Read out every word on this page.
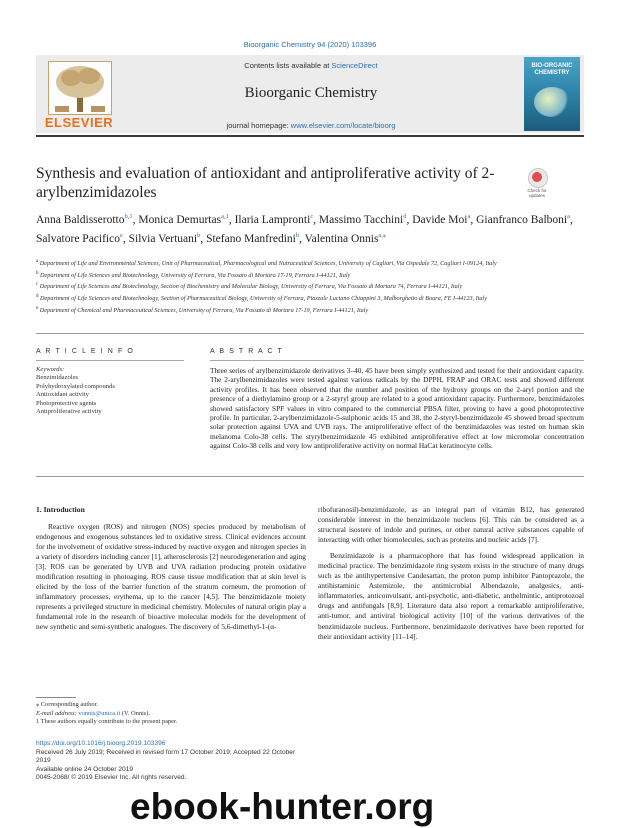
Bioorganic Chemistry 94 (2020) 103396
ELSEVIER
Contents lists available at ScienceDirect
Bioorganic Chemistry
journal homepage: www.elsevier.com/locate/bioorg
BIO-ORGANIC CHEMISTRY
Synthesis and evaluation of antioxidant and antiproliferative activity of 2-arylbenzimidazoles	Check for updates
Anna Baldisserotto$^{b,1}$, Monica Demurtas$^{a,1}$, Ilaria Lampronti$^c$, Massimo Tacchini$^d$, Davide Moi$^a$, Gianfranco Balboni$^a$, Salvatore Pacifico$^e$, Silvia Vertuani$^b$, Stefano Manfredini$^b$, Valentina Onnis$^{a,⁎}$
$^a$ Department of Life and Environmental Sciences, Unit of Pharmaceutical, Pharmacological and Nutraceutical Sciences, University of Cagliari, Via Ospedale 72, Cagliari I-09124, Italy
$^b$ Department of Life Sciences and Biotechnology, University of Ferrara, Via Fossato di Mortara 17-19, Ferrara I-44121, Italy
$^c$ Department of Life Sciences and Biotechnology, Section of Biochemistry and Molecular Biology, University of Ferrara, Via Fossato di Mortara 74, Ferrara I-44121, Italy
$^d$ Department of Life Sciences and Biotechnology, Section of Pharmaceutical Biology, University of Ferrara, Piazzale Luciano Chiappini 3, Malborghetto di Boara, FE I-44123, Italy
$^e$ Department of Chemical and Pharmaceutical Sciences, University of Ferrara, Via Fossato di Mortara 17-19, Ferrara I-44121, Italy
A R T I C L E I N F O
Keywords:
Benzimidazoles
Polyhydroxylated compounds
Antioxidant activity
Photoprotective agents
Antiproliferative activity
A B S T R A C T
Three series of arylbenzimidazole derivatives 3–40, 45 have been simply synthesized and tested for their antioxidant capacity. The 2-arylbenzimidazoles were tested against various radicals by the DPPH, FRAP and ORAC tests and showed different activity profiles. It has been observed that the number and position of the hydroxy groups on the 2-aryl portion and the presence of a diethylamino group or a 2-styryl group are related to a good antioxidant capacity. Furthermore, benzimidazoles showed satisfactory SPF values in vitro compared to the commercial PBSA filter, proving to have a good photoprotective profile. In particular, 2-arylbenzimidazole-5-sulphonic acids 15 and 38, the 2-styryl-benzimidazole 45 showed broad spectrum solar protection against UVA and UVB rays. The antiproliferative effect of the benzimidazoles was tested on human skin melanoma Colo-38 cells. The styrylbenzimidazole 45 exhibited antiproliferative effect at low micromolar concentration against Colo-38 cells and very low antiproliferative activity on normal HaCat keratinocyte cells.
1. Introduction

Reactive oxygen (ROS) and nitrogen (NOS) species produced by metabolism of endogenous and exogenous substances led to oxidative stress. Clinical evidences account for the involvement of oxidative stress-induced by reactive oxygen and nitrogen species in a variety of disorders including cancer [1], atherosclerosis [2] neurodegeneration and aging [3]. ROS can be generated by UVB and UVA radiation producing protein oxidative modification resulting in photoaging. ROS cause tissue modification that at skin level is elicited by the loss of the barrier function of the stratum corneum, the promotion of inflammatory processes, erythema, up to the cancer [4,5]. The benzimidazole moiety represents a privileged structure in medicinal chemistry. Molecules of natural origin play a fundamental role in the research of bioactive molecular models for the development of new synthetic and semi-synthetic analogues. The discovery of 5,6-dimethyl-1-(α-

ribofuranosil)-benzimidazole, as an integral part of vitamin B12, has generated considerable interest in the benzimidazole nucleus [6]. This can be considered as a structural isostere of indole and purines, or other natural active substances capable of interacting with other biomolecules, such as proteins and nucleic acids [7].

Benzimidazole is a pharmacophore that has found widespread application in medicinal practice. The benzimidazole ring system exists in the structure of many drugs such as the antihypertensive Candesartan, the proton pump inhibitor Pantoprazole, the antihistaminic Astemizole, the antimicrobial Albendazole, analgesics, anti-inflammatories, anticonvulsant, anti-psychotic, anti-diabetic, anthelmintic, antiprotozoal drugs and antifungals [8,9]. Literature data also report a remarkable antiproliferative, anti-tumor, and antiviral biological activity [10] of the various derivatives of the benzimidazole nucleus. Furthermore, benzimidazole derivatives have been reported for their antioxidant activity [11–14].

⁎ Corresponding author.
E-mail address: vonnis@unica.it (V. Onnis).
1 These authors equally contribute to the present paper.
https://doi.org/10.1016/j.bioorg.2019.103396
Received 26 July 2019; Received in revised form 17 October 2019; Accepted 22 October 2019
Available online 24 October 2019
0045-2068/ © 2019 Elsevier Inc. All rights reserved.
ebook-hunter.org
